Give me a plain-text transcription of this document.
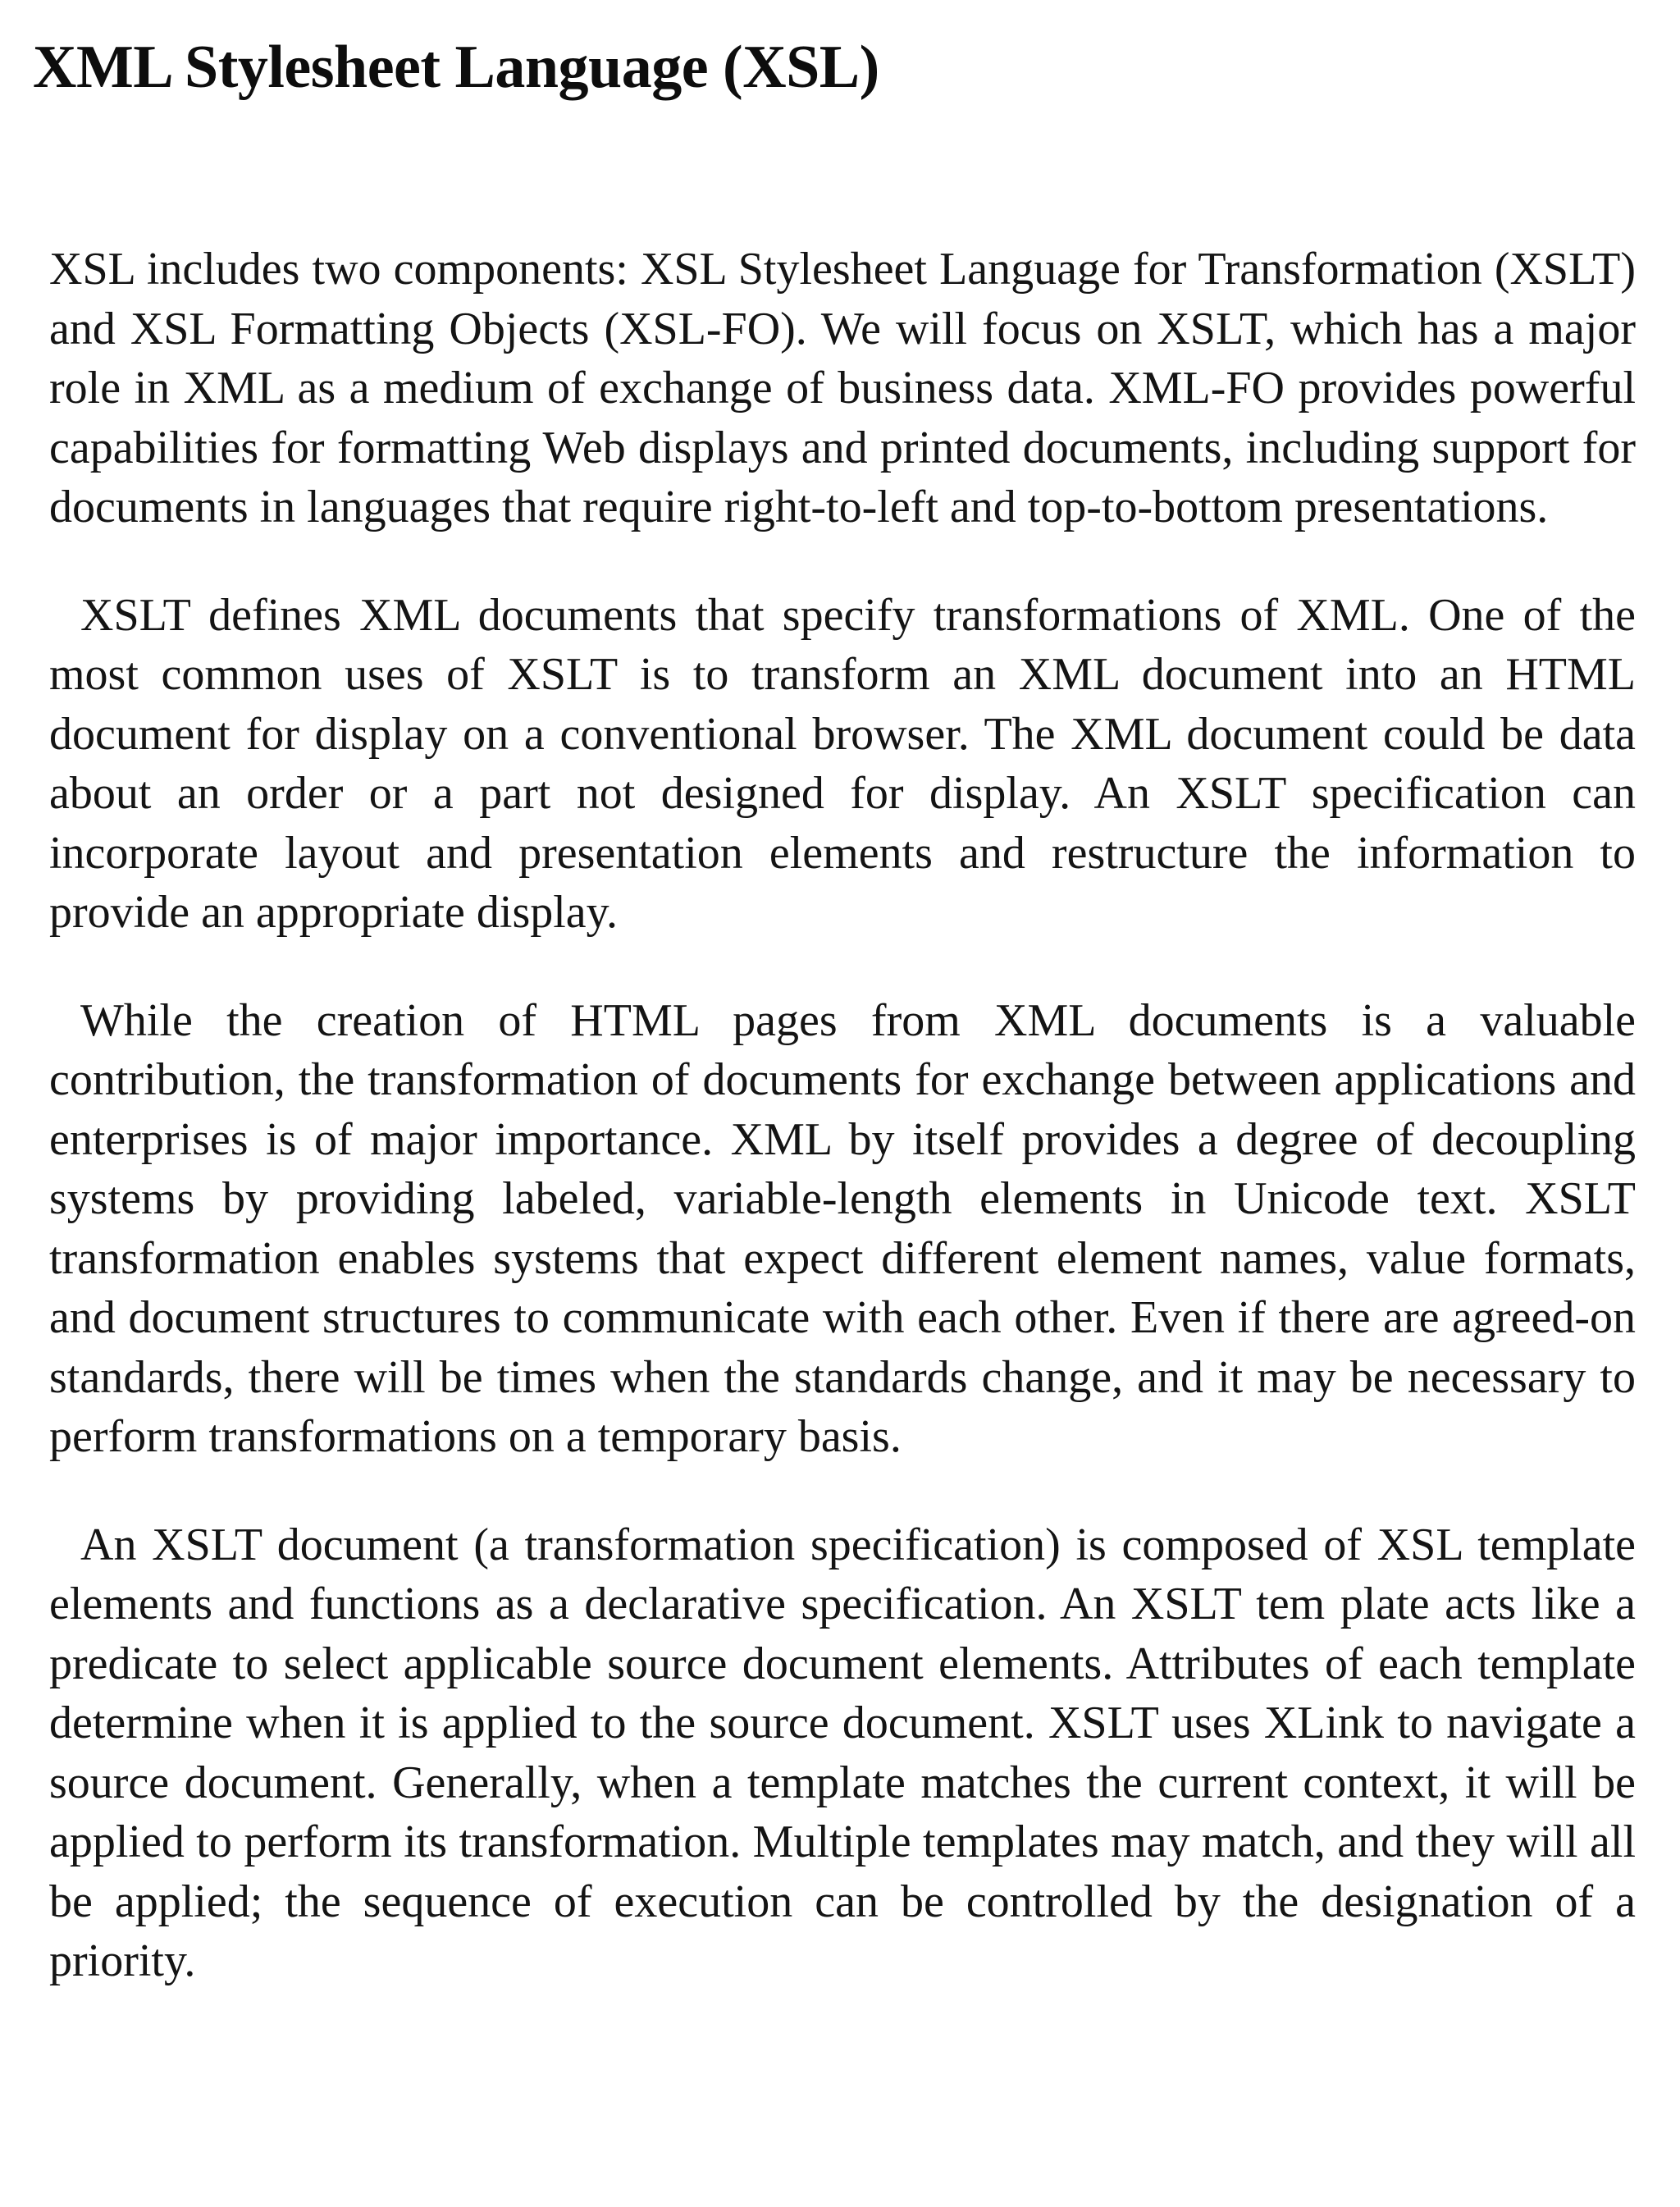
XML Stylesheet Language (XSL)

XSL includes two components: XSL Stylesheet Language for Transformation (XSLT) and XSL Formatting Objects (XSL-FO). We will focus on XSLT, which has a major role in XML as a medium of exchange of business data. XML-FO provides powerful capabilities for formatting Web displays and printed documents, including support for documents in languages that require right-to-left and top-to-bottom presentations.

XSLT defines XML documents that specify transformations of XML. One of the most common uses of XSLT is to transform an XML document into an HTML document for display on a conventional browser. The XML document could be data about an order or a part not designed for display. An XSLT specification can incorporate layout and presentation elements and restructure the information to provide an appropriate display.

While the creation of HTML pages from XML documents is a valuable contribution, the transformation of documents for exchange between applications and enterprises is of major importance. XML by itself provides a degree of decoupling systems by providing labeled, variable-length elements in Unicode text. XSLT transformation enables systems that expect different element names, value formats, and document structures to communicate with each other. Even if there are agreed-on standards, there will be times when the standards change, and it may be necessary to perform transformations on a temporary basis.

An XSLT document (a transformation specification) is composed of XSL template elements and functions as a declarative specification. An XSLT tem plate acts like a predicate to select applicable source document elements. Attributes of each template determine when it is applied to the source document. XSLT uses XLink to navigate a source document. Generally, when a template matches the current context, it will be applied to perform its transformation. Multiple templates may match, and they will all be applied; the sequence of execution can be controlled by the designation of a priority.
